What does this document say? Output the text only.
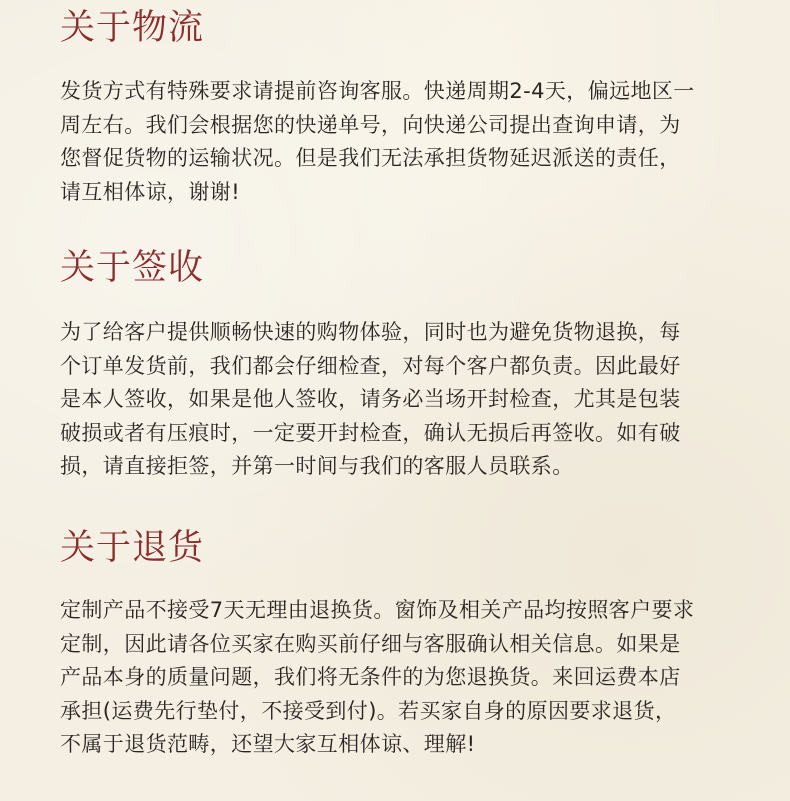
关于物流

发货方式有特殊要求请提前咨询客服。快递周期2-4天，偏远地区一
周左右。我们会根据您的快递单号，向快递公司提出查询申请，为
您督促货物的运输状况。但是我们无法承担货物延迟派送的责任，
请互相体谅，谢谢!

关于签收

为了给客户提供顺畅快速的购物体验，同时也为避免货物退换，每
个订单发货前，我们都会仔细检查，对每个客户都负责。因此最好
是本人签收，如果是他人签收，请务必当场开封检查，尤其是包装
破损或者有压痕时，一定要开封检查，确认无损后再签收。如有破
损，请直接拒签，并第一时间与我们的客服人员联系。

关于退货

定制产品不接受7天无理由退换货。窗饰及相关产品均按照客户要求
定制，因此请各位买家在购买前仔细与客服确认相关信息。如果是
产品本身的质量问题，我们将无条件的为您退换货。来回运费本店
承担(运费先行垫付，不接受到付)。若买家自身的原因要求退货，
不属于退货范畴，还望大家互相体谅、理解!
